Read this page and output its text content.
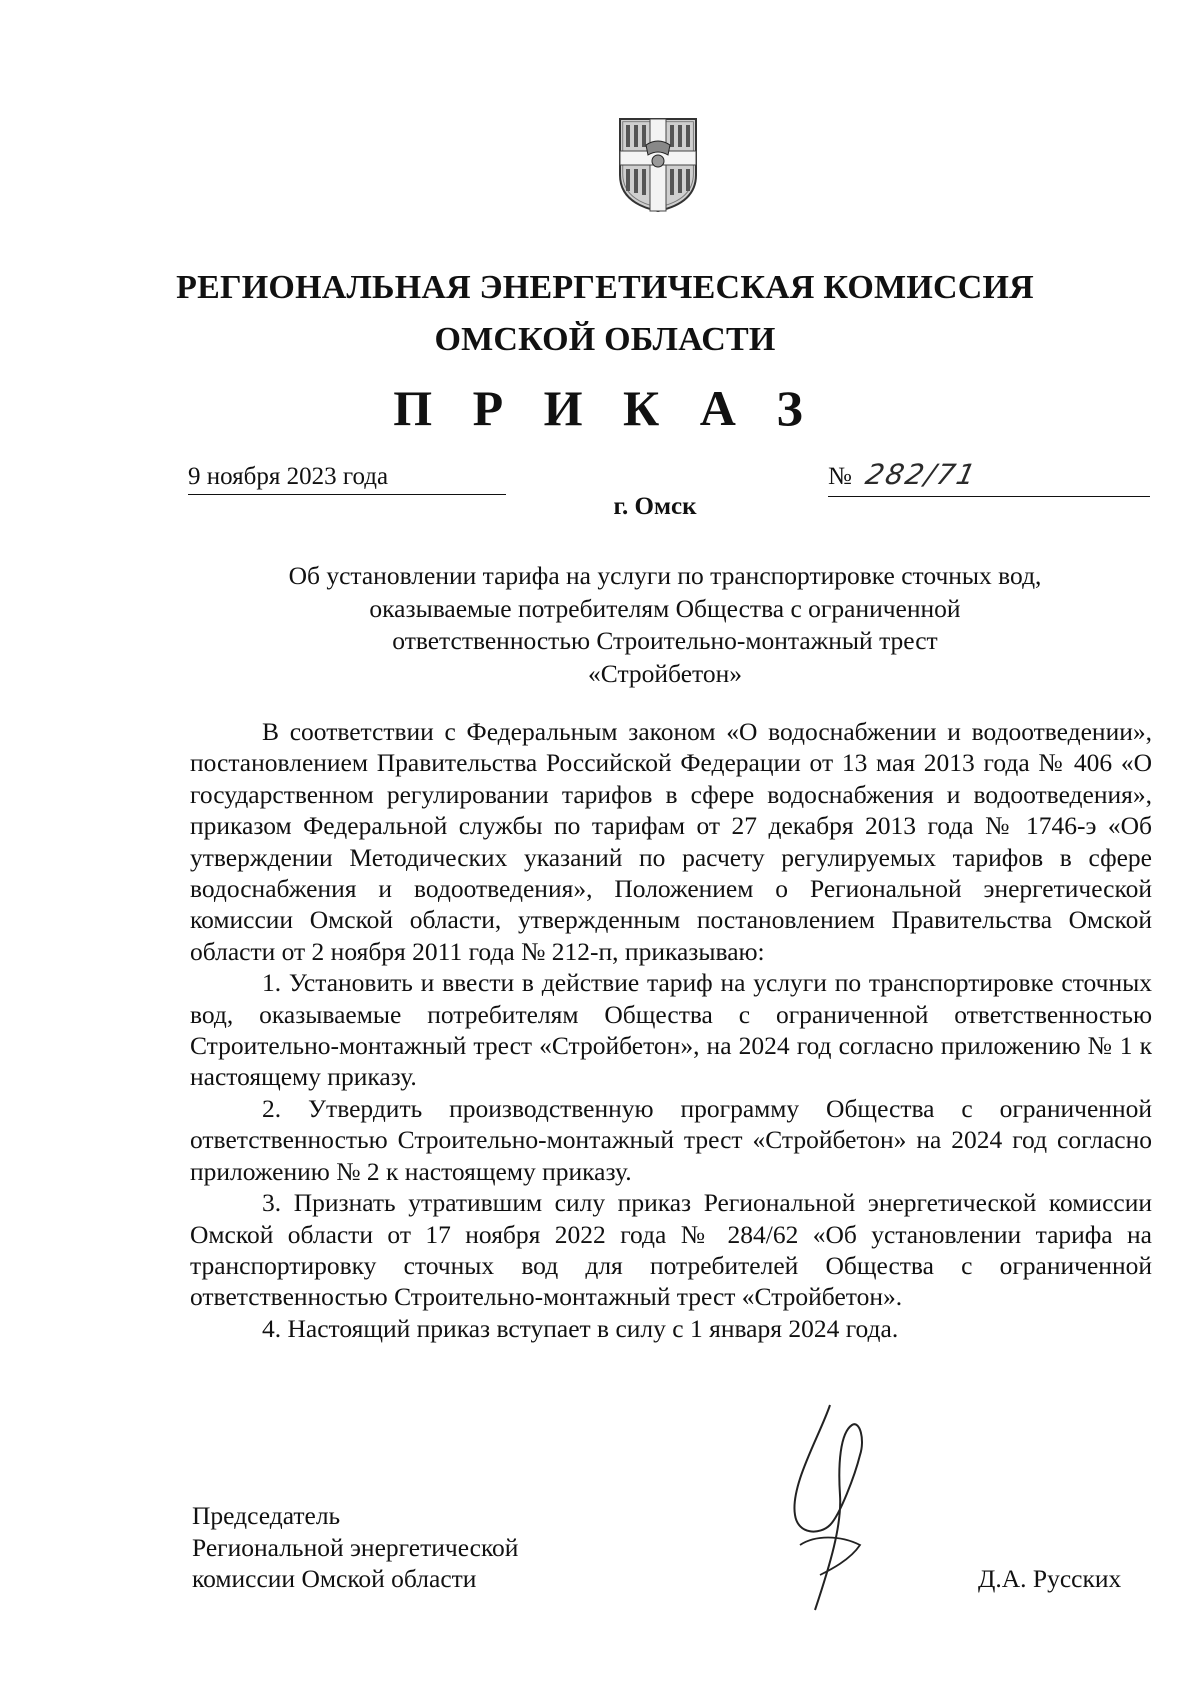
РЕГИОНАЛЬНАЯ ЭНЕРГЕТИЧЕСКАЯ КОМИССИЯ
ОМСКОЙ ОБЛАСТИ
П Р И К А З
9 ноября 2023 года	№ 282/71
г. Омск
Об установлении тарифа на услуги по транспортировке сточных вод,
оказываемые потребителям Общества с ограниченной
ответственностью Строительно-монтажный трест
«Стройбетон»

В соответствии с Федеральным законом «О водоснабжении и водоотведении», постановлением Правительства Российской Федерации от 13 мая 2013 года № 406 «О государственном регулировании тарифов в сфере водоснабжения и водоотведения», приказом Федеральной службы по тарифам от 27 декабря 2013 года № 1746-э «Об утверждении Методических указаний по расчету регулируемых тарифов в сфере водоснабжения и водоотведения», Положением о Региональной энергетической комиссии Омской области, утвержденным постановлением Правительства Омской области от 2 ноября 2011 года № 212-п, приказываю:

1. Установить и ввести в действие тариф на услуги по транспортировке сточных вод, оказываемые потребителям Общества с ограниченной ответственностью Строительно-монтажный трест «Стройбетон», на 2024 год согласно приложению № 1 к настоящему приказу.

2. Утвердить производственную программу Общества с ограниченной ответственностью Строительно-монтажный трест «Стройбетон» на 2024 год согласно приложению № 2 к настоящему приказу.

3. Признать утратившим силу приказ Региональной энергетической комиссии Омской области от 17 ноября 2022 года № 284/62 «Об установлении тарифа на транспортировку сточных вод для потребителей Общества с ограниченной ответственностью Строительно-монтажный трест «Стройбетон».

4. Настоящий приказ вступает в силу с 1 января 2024 года.

Председатель
Региональной энергетической
комиссии Омской области	Д.А. Русских
